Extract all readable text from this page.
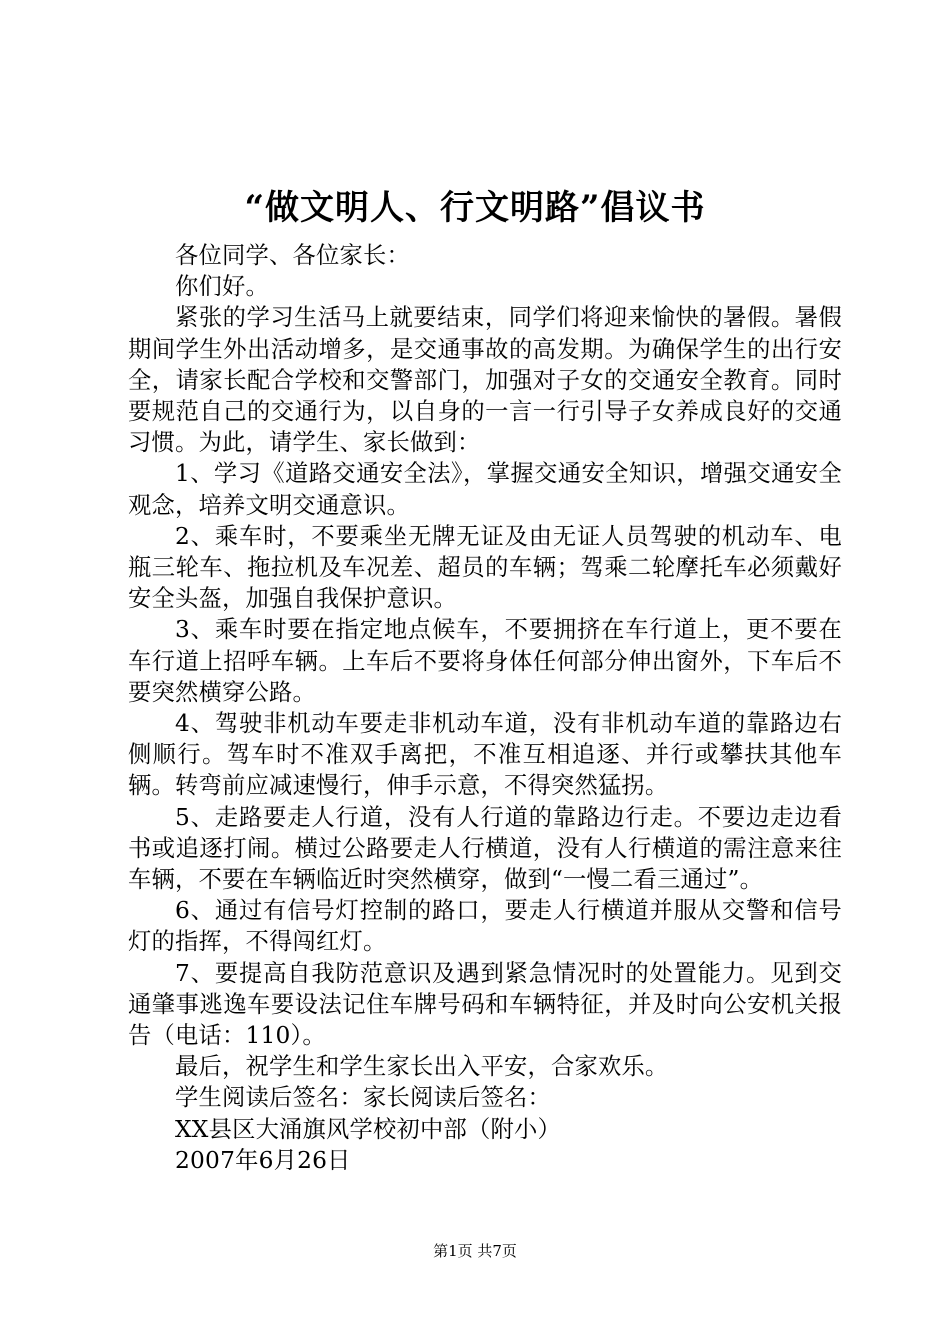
“做文明人、行文明路”倡议书

各位同学、各位家长：

你们好。

紧张的学习生活马上就要结束，同学们将迎来愉快的暑假。暑假期间学生外出活动增多，是交通事故的高发期。为确保学生的出行安全，请家长配合学校和交警部门，加强对子女的交通安全教育。同时要规范自己的交通行为，以自身的一言一行引导子女养成良好的交通习惯。为此，请学生、家长做到：

1、学习《道路交通安全法》，掌握交通安全知识，增强交通安全观念，培养文明交通意识。

2、乘车时，不要乘坐无牌无证及由无证人员驾驶的机动车、电瓶三轮车、拖拉机及车况差、超员的车辆；驾乘二轮摩托车必须戴好安全头盔，加强自我保护意识。

3、乘车时要在指定地点候车，不要拥挤在车行道上，更不要在车行道上招呼车辆。上车后不要将身体任何部分伸出窗外，下车后不要突然横穿公路。

4、驾驶非机动车要走非机动车道，没有非机动车道的靠路边右侧顺行。驾车时不准双手离把，不准互相追逐、并行或攀扶其他车辆。转弯前应减速慢行，伸手示意，不得突然猛拐。

5、走路要走人行道，没有人行道的靠路边行走。不要边走边看书或追逐打闹。横过公路要走人行横道，没有人行横道的需注意来往车辆，不要在车辆临近时突然横穿，做到“一慢二看三通过”。

6、通过有信号灯控制的路口，要走人行横道并服从交警和信号灯的指挥，不得闯红灯。

7、要提高自我防范意识及遇到紧急情况时的处置能力。见到交通肇事逃逸车要设法记住车牌号码和车辆特征，并及时向公安机关报告（电话：110）。

最后，祝学生和学生家长出入平安，合家欢乐。

学生阅读后签名：家长阅读后签名：

XX县区大涌旗风学校初中部（附小）

2007年6月26日

第1页 共7页
